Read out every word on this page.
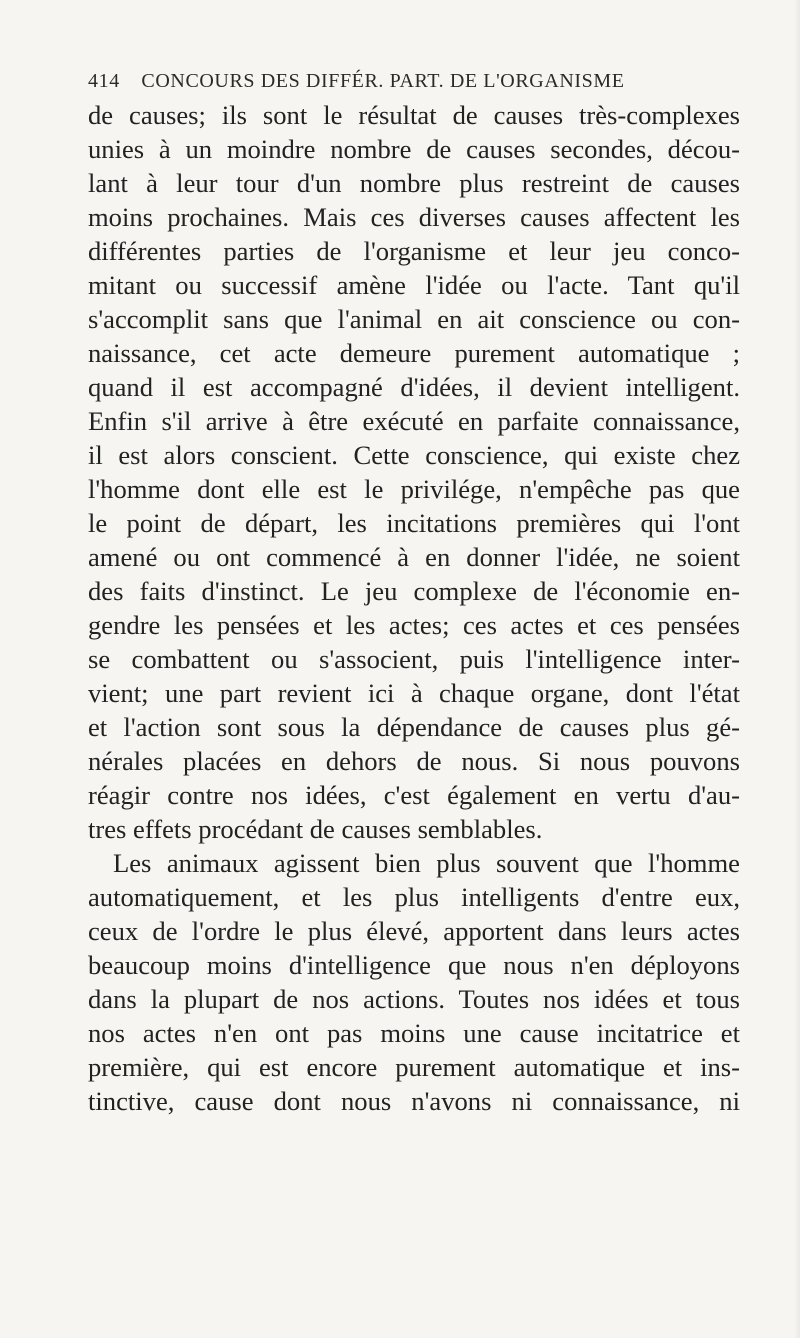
414 CONCOURS DES DIFFÉR. PART. DE L'ORGANISME
de causes; ils sont le résultat de causes très-complexes
unies à un moindre nombre de causes secondes, décou-
lant à leur tour d'un nombre plus restreint de causes
moins prochaines. Mais ces diverses causes affectent les
différentes parties de l'organisme et leur jeu conco-
mitant ou successif amène l'idée ou l'acte. Tant qu'il
s'accomplit sans que l'animal en ait conscience ou con-
naissance, cet acte demeure purement automatique ;
quand il est accompagné d'idées, il devient intelligent.
Enfin s'il arrive à être exécuté en parfaite connaissance,
il est alors conscient. Cette conscience, qui existe chez
l'homme dont elle est le privilége, n'empêche pas que
le point de départ, les incitations premières qui l'ont
amené ou ont commencé à en donner l'idée, ne soient
des faits d'instinct. Le jeu complexe de l'économie en-
gendre les pensées et les actes; ces actes et ces pensées
se combattent ou s'associent, puis l'intelligence inter-
vient; une part revient ici à chaque organe, dont l'état
et l'action sont sous la dépendance de causes plus gé-
nérales placées en dehors de nous. Si nous pouvons
réagir contre nos idées, c'est également en vertu d'au-
tres effets procédant de causes semblables.
Les animaux agissent bien plus souvent que l'homme
automatiquement, et les plus intelligents d'entre eux,
ceux de l'ordre le plus élevé, apportent dans leurs actes
beaucoup moins d'intelligence que nous n'en déployons
dans la plupart de nos actions. Toutes nos idées et tous
nos actes n'en ont pas moins une cause incitatrice et
première, qui est encore purement automatique et ins-
tinctive, cause dont nous n'avons ni connaissance, ni
